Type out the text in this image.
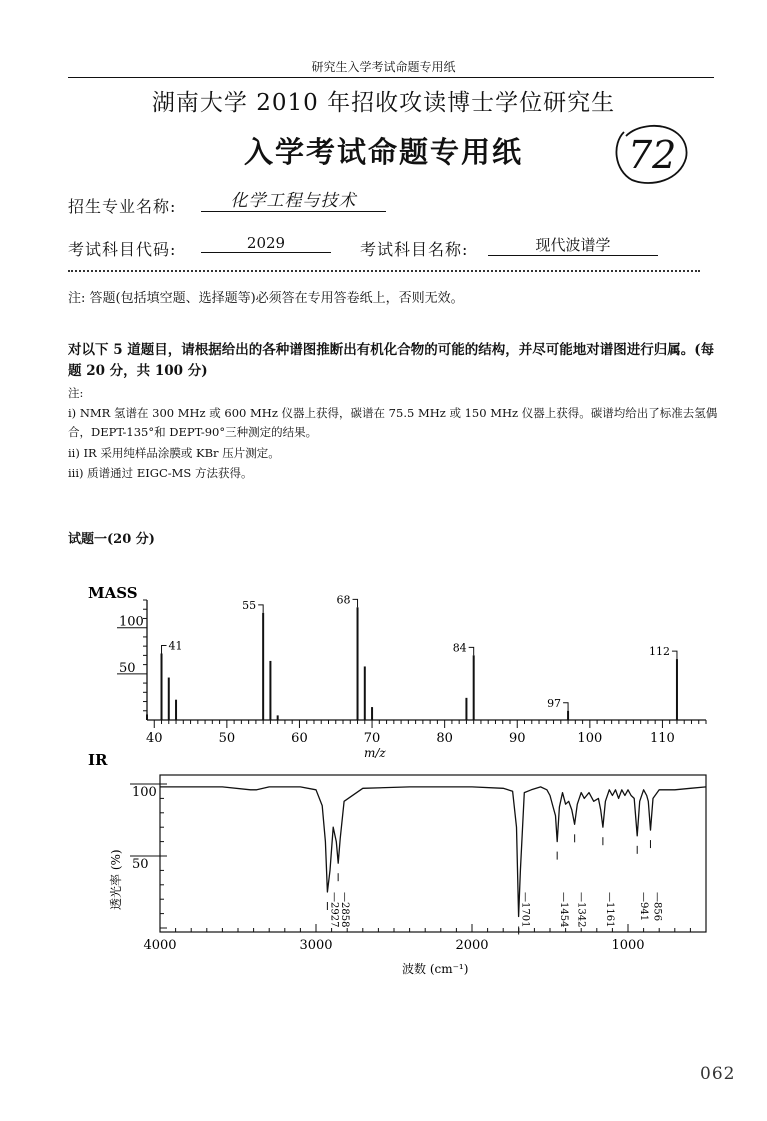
研究生入学考试命题专用纸
湖南大学 2010 年招收攻读博士学位研究生
入学考试命题专用纸	72
招生专业名称:	化学工程与技术
考试科目代码:	2029	考试科目名称:	现代波谱学
注: 答题(包括填空题、选择题等)必须答在专用答卷纸上，否则无效。
对以下 5 道题目，请根据给出的各种谱图推断出有机化合物的可能的结构，并尽可能地对谱图进行归属。(每题 20 分，共 100 分)
注:
i) NMR 氢谱在 300 MHz 或 600 MHz 仪器上获得，碳谱在 75.5 MHz 或 150 MHz 仪器上获得。碳谱均给出了标准去氢偶合，DEPT-135°和 DEPT-90°三种测定的结果。
ii) IR 采用纯样品涂膜或 KBr 压片测定。
iii) 质谱通过 EIGC-MS 方法获得。
试题一(20 分)
MASS
40	50	60	70	80	90	100	110
50
100
41
55	68
84
97
112
m/z
IR
4000	3000	2000	1000
50
100
—2927 —2858	—1701	—1454 —1342 —1161 —941 —856
透光率 (%)
波数 (cm⁻¹)
062
